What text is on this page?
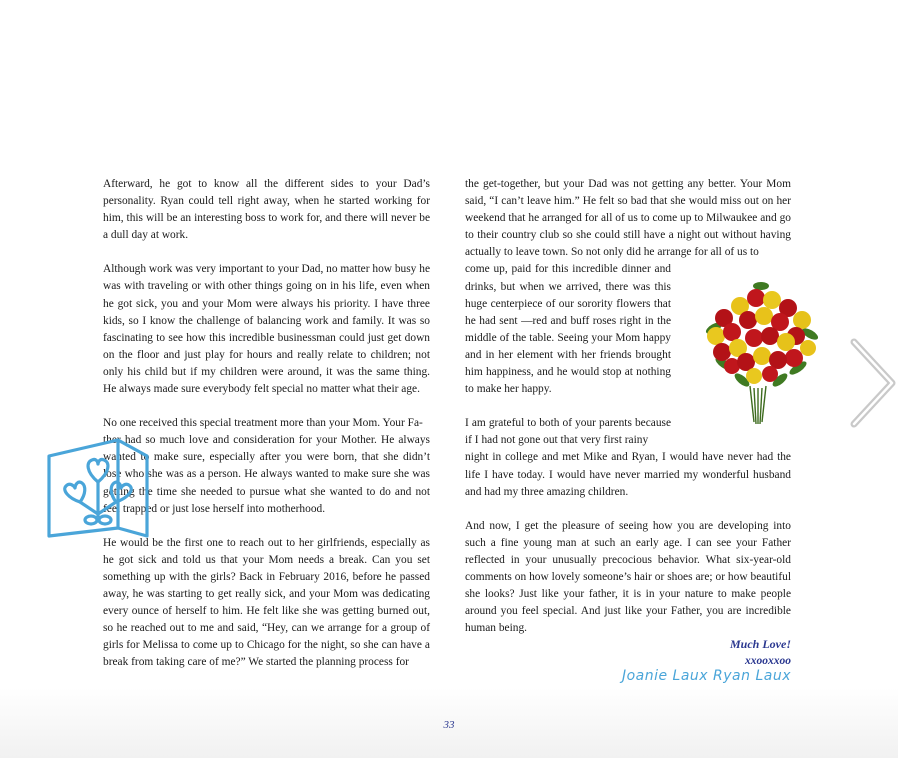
Afterward, he got to know all the different sides to your Dad’s personality. Ryan could tell right away, when he started working for him, this will be an interesting boss to work for, and there will never be a dull day at work.

Although work was very important to your Dad, no matter how busy he was with traveling or with other things going on in his life, even when he got sick, you and your Mom were always his priority. I have three kids, so I know the challenge of balancing work and family. It was so fascinating to see how this incredible businessman could just get down on the floor and just play for hours and really relate to children; not only his child but if my children were around, it was the same thing. He always made sure everybody felt special no matter what their age.

No one received this special treatment more than your Mom. Your Fa-

ther had so much love and consideration for your Mother. He always wanted to make sure, especially after you were born, that she didn’t lose who she was as a person. He always wanted to make sure she was getting the time she needed to pursue what she wanted to do and not feel trapped or just lose herself into motherhood.

He would be the first one to reach out to her girlfriends, especially as he got sick and told us that your Mom needs a break. Can you set something up with the girls? Back in February 2016, before he passed away, he was starting to get really sick, and your Mom was dedicating every ounce of herself to him. He felt like she was getting burned out, so he reached out to me and said, “Hey, can we arrange for a group of girls for Melissa to come up to Chicago for the night, so she can have a break from taking care of me?” We started the planning process for

the get-together, but your Dad was not getting any better. Your Mom said, “I can’t leave him.” He felt so bad that she would miss out on her weekend that he arranged for all of us to come up to Milwaukee and go to their country club so she could still have a night out without having actually to leave town. So not only did he arrange for all of us to

come up, paid for this incredible dinner and drinks, but when we arrived, there was this huge centerpiece of our sorority flowers that he had sent —red and buff roses right in the middle of the table. Seeing your Mom happy and in her element with her friends brought him happiness, and he would stop at nothing to make her happy.

I am grateful to both of your parents because if I had not gone out that very first rainy

night in college and met Mike and Ryan, I would have never had the life I have today. I would have never married my wonderful husband and had my three amazing children.

And now, I get the pleasure of seeing how you are developing into such a fine young man at such an early age. I can see your Father reflected in your unusually precocious behavior. What six-year-old comments on how lovely someone’s hair or shoes are; or how beautiful she looks? Just like your father, it is in your nature to make people around you feel special. And just like your Father, you are incredible human being.

Much Love!
xxooxxoo
Joanie Laux Ryan Laux
33
